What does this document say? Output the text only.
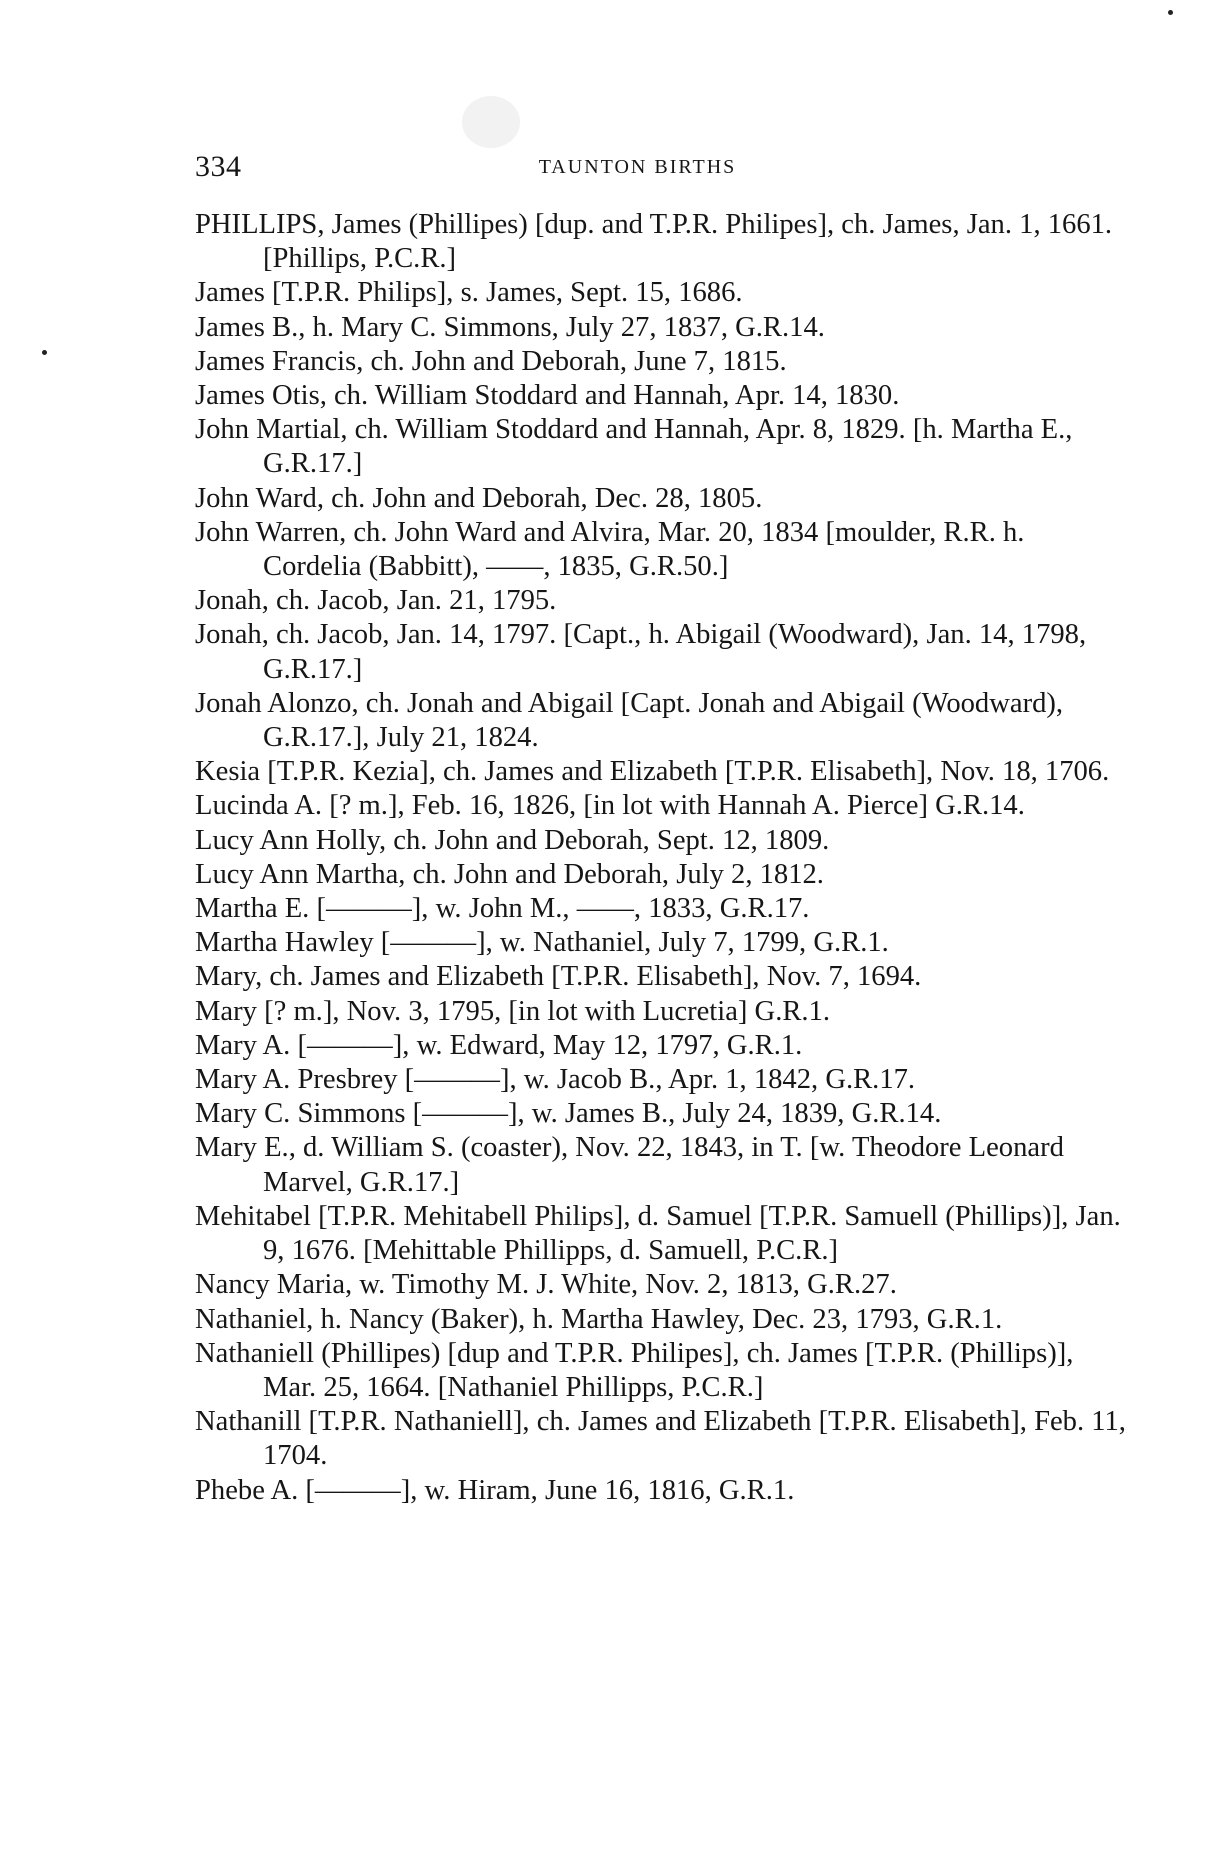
334	TAUNTON BIRTHS

PHILLIPS, James (Phillipes) [dup. and T.P.R. Philipes], ch. James, Jan. 1, 1661. [Phillips, P.C.R.]

James [T.P.R. Philips], s. James, Sept. 15, 1686.

James B., h. Mary C. Simmons, July 27, 1837, G.R.14.

James Francis, ch. John and Deborah, June 7, 1815.

James Otis, ch. William Stoddard and Hannah, Apr. 14, 1830.

John Martial, ch. William Stoddard and Hannah, Apr. 8, 1829. [h. Martha E., G.R.17.]

John Ward, ch. John and Deborah, Dec. 28, 1805.

John Warren, ch. John Ward and Alvira, Mar. 20, 1834 [moulder, R.R. h. Cordelia (Babbitt), ——, 1835, G.R.50.]

Jonah, ch. Jacob, Jan. 21, 1795.

Jonah, ch. Jacob, Jan. 14, 1797. [Capt., h. Abigail (Woodward), Jan. 14, 1798, G.R.17.]

Jonah Alonzo, ch. Jonah and Abigail [Capt. Jonah and Abigail (Woodward), G.R.17.], July 21, 1824.

Kesia [T.P.R. Kezia], ch. James and Elizabeth [T.P.R. Elisabeth], Nov. 18, 1706.

Lucinda A. [? m.], Feb. 16, 1826, [in lot with Hannah A. Pierce] G.R.14.

Lucy Ann Holly, ch. John and Deborah, Sept. 12, 1809.

Lucy Ann Martha, ch. John and Deborah, July 2, 1812.

Martha E. [———], w. John M., ——, 1833, G.R.17.

Martha Hawley [———], w. Nathaniel, July 7, 1799, G.R.1.

Mary, ch. James and Elizabeth [T.P.R. Elisabeth], Nov. 7, 1694.

Mary [? m.], Nov. 3, 1795, [in lot with Lucretia] G.R.1.

Mary A. [———], w. Edward, May 12, 1797, G.R.1.

Mary A. Presbrey [———], w. Jacob B., Apr. 1, 1842, G.R.17.

Mary C. Simmons [———], w. James B., July 24, 1839, G.R.14.

Mary E., d. William S. (coaster), Nov. 22, 1843, in T. [w. Theodore Leonard Marvel, G.R.17.]

Mehitabel [T.P.R. Mehitabell Philips], d. Samuel [T.P.R. Samuell (Phillips)], Jan. 9, 1676. [Mehittable Phillipps, d. Samuell, P.C.R.]

Nancy Maria, w. Timothy M. J. White, Nov. 2, 1813, G.R.27.

Nathaniel, h. Nancy (Baker), h. Martha Hawley, Dec. 23, 1793, G.R.1.

Nathaniell (Phillipes) [dup and T.P.R. Philipes], ch. James [T.P.R. (Phillips)], Mar. 25, 1664. [Nathaniel Phillipps, P.C.R.]

Nathanill [T.P.R. Nathaniell], ch. James and Elizabeth [T.P.R. Elisabeth], Feb. 11, 1704.

Phebe A. [———], w. Hiram, June 16, 1816, G.R.1.
